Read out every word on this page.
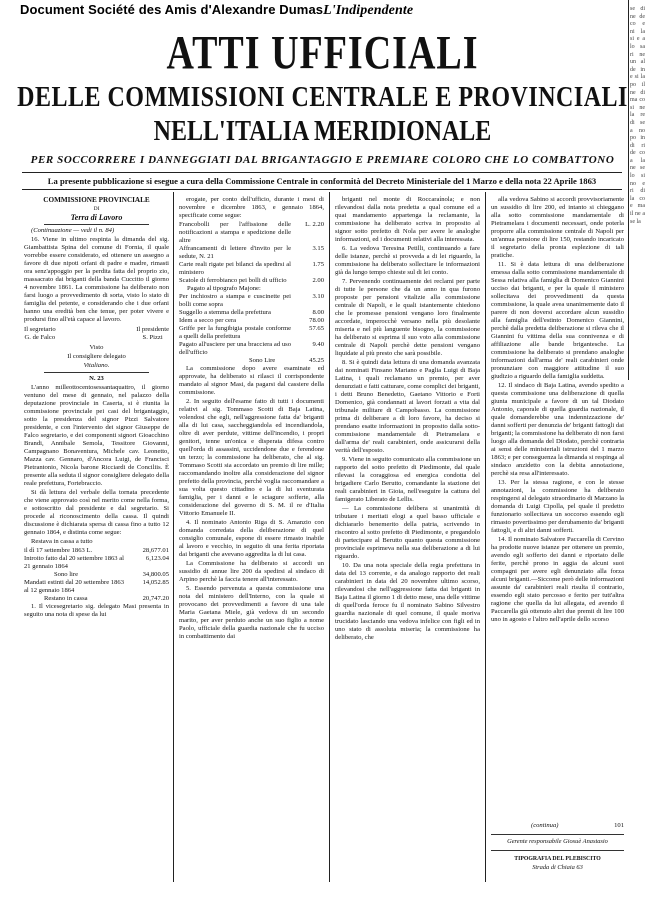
Document Société des Amis d'Alexandre DumasL'Indipendente	se di ne de co e ni la si e a lo sa ri ne un al de in e si la po il ne di ma co si ne la re di se a no po in di ri de co a la ne se lo si no e ri di la co e ma il ne a se la
ATTI UFFICIALI
DELLE COMMISSIONI CENTRALE E PROVINCIALI
NELL'ITALIA MERIDIONALE
PER SOCCORRERE I DANNEGGIATI DAL BRIGANTAGGIO E PREMIARE COLORO CHE LO COMBATTONO
La presente pubblicazione si esegue a cura della Commissione Centrale in conformità del Decreto Ministeriale del 1 Marzo e della nota 22 Aprile 1863

COMMISSIONE PROVINCIALE

DI

Terra di Lavoro

(Continuazione — vedi il n. 84)

16. Viene in ultimo respinta la dimanda del sig. Giambattista Spina del comune di Fornia, il quale vorrebbe essere considerato, ed ottenere un assegno a favore di due nipoti orfani di padre e madre, rimasti ora senz'appoggio per la perdita fatta del proprio zio, massacrato dai briganti della banda Cuccitto il giorno 4 novembre 1861. La commissione ha deliberato non farsi luogo a provvedimento di sorta, visto lo stato di famiglia del petente, e considerando che i due orfani hanno una eredità ben che tenue, per poter vivere e prodursi fino all'età capace al lavoro.

Il segretario
G. de Falco
Il presidente
S. Pizzi

Visto

Il consigliere delegato

Vitaliano.

N. 23

L'anno milleottocentosessantaquattro, il giorno ventuno del mese di gennaio, nel palazzo della deputazione provinciale in Caserta, si è riunita la commissione provinciale pei casi del brigantaggio, sotto la presidenza del signor Pizzi Salvatore presidente, e con l'intervento dei signor Giuseppe de Falco segretario, e dei componenti signori Gioacchino Brandi, Annibale Semola, Tessitore Giovanni, Campagnano Bonaventura, Michele cav. Leonetto, Mazza cav. Gennaro, d'Ancora Luigi, de Francisci Pietrantonio, Nicola barone Ricciardi de Conciliis. È presente alla seduta il signor consigliere delegato della reale prefettura, Fortebraccio.

Si dà lettura del verbale della tornata precedente che viene approvato così nel merito come nella forma, e sottoscritto dal presidente e dal segretario. Si procede al riconoscimento della cassa. Il quindi discussione è dichiarata spersa di cassa fino a tutto 12 gennaio 1864, e distinta come segue:

Restava in cassa a tutto

il dì 17 settembre 1863 L.	28,677.01
Introito fatto dal 20 settembre 1863 al 21 gennaio 1864
6,123.04
Sono lire	34,800.05
Mandati estinti dal 20 settembre 1863 al 12 gennaio 1864
14,052.85
Restano in cassa	20,747.20

1. Il vicesegretario sig. delegato Masi presenta in seguito una nota di spese da lui

erogate, per conto dell'ufficio, durante i mesi di novembre e dicembre 1863, e gennaio 1864, specificate come segue:

Francobolli per l'affissione delle notificazioni a stampa e spedizione delle altre
L. 2.20
Affrancamenti di lettere d'invito per le sedute, N. 21
3.15
Carte reali rigate pei bilanci da spedirsi al ministero
1.75
Scatole di ferrobianco pei bolli di ufficio	2.00
Pagato al tipografo Majone:
Per inchiostro a stampa e cuscinette pei bolli come sopra
3.10
Suggello a stemma della prefettura	8.00
Idem a secco per cera	78.00
Griffe per la fungibigia postale conforme a quelli della prefettura
57.65
Pagato all'usciere per una bracciera ad uso dell'ufficio
9.40
Sono Lire	45.25

La commissione dopo avere esaminate ed approvate, ha deliberato si rilasci il corrispondente mandato al signor Masi, da pagarsi dal cassiere della commissione.

2. In seguito dell'esame fatto di tutti i documenti relativi al sig. Tommaso Scotti di Baja Latina, volendosi che egli, nell'aggressione fatta da' briganti alla di lui casa, saccheggiandola ed incendiandola, oltre di aver perdute, vittime dell'incendio, i propri genitori, tenne un'onica e disperata difesa contro quell'orda di assassini, uccidendone due e ferendone un terzo; la commissione ha deliberato, che al sig. Tommaso Scotti sia accordato un premio di lire mille; raccomandando inoltre alla considerazione del signor prefetto della provincia, perchè voglia raccomandare a sua volta questo cittadino e la di lui sventurata famiglia, per i danni e le sciagure sofferte, alla considerazione del governo di S. M. il re d'Italia Vittorio Emanuele II.

4. Il nominato Antonio Riga di S. Amanzio con domanda corredata della deliberazione di quel consiglio comunale, espone di essere rimasto inabile al lavoro e vecchio, in seguito di una ferita riportata dai briganti che avevano aggredita la di lui casa.

La Commissione ha deliberato si accordi un sussidio di annue lire 200 da spedirsi al sindaco di Arpino perchè la faccia tenere all'interessato.

5. Essendo pervenuta a questa commissione una nota del ministero dell'Interno, con la quale si provocano dei provvedimenti a favore di una tale Maria Gaetana Miele, già vedova di un secondo marito, per aver perduto anche un suo figlio a nome Paolo, ufficiale della guardia nazionale che fu ucciso in combattimento dai

briganti nel monte di Roccaraínola; e non rilevandosi dalla nota predetta a qual comune ed a quai mandamento appartenga la reclamante, la commissione ha deliberato scriva in proposito al signor sotto prefetto di Nola per avere le analoghe informazioni, ed i documenti relativi alla interessata.

6. La vedova Teresina Petilli, continuando a fare delle istanze, perchè si provveda a di lei riguardo, la commissione ha deliberato sollecitare le informazioni già da lungo tempo chieste sul di lei conto.

7. Pervenendo continuamente dei reclami per parte di tutte le persone che da un anno in qua furono proposte per pensioni vitalizie alla commissione centrale di Napoli, e le quali istantemente chiedono che le promesse pensioni vengano loro finalmente accordate, imperocchè versano nella più desolante miseria e nel più languente bisogno, la commissione ha deliberato si esprima il suo voto alla commissione centrale di Napoli perchè dette pensioni vengano liquidate al più presto che sarà possibile.

8. Si è quindi data lettura di una domanda avanzata dai nominati Finsano Mariano e Paglia Luigi di Baja Latina, i quali reclamano un premio, per aver denunziati e fatti catturare, come complici dei briganti, i detti Bruno Benedetto, Gaetano Vittorio e Forti Domenico, già condannati ai lavori forzati a vita dal tribunale militare di Campobasso. La commissione prima di deliberare a di loro favore, ha deciso si prendano esatte informazioni in proposito dalla sotto-commissione mandamentale di Pietramelara e dall'arma de' reali carabinieri, onde assicurarsi della verità dell'esposto.

9. Viene in seguito comunicato alla commissione un rapporto del sotto prefetto di Piedimonte, dal quale rilevasi la coraggiosa ed energica condotta del brigadiere Carlo Berutto, comandante la stazione dei reali carabinieri in Gioia, nell'eseguire la cattura del famigerato Liberato de Lellis.

— La commissione delibera si unanimità di tributare i meritati elogi a quel basso ufficiale e dichiararlo benemerito della patria, scrivendo in riscontro al sotto prefetto di Piedimonte, e pregandolo di partecipare al Berutto quanto questa commissione provinciale esprimeva nella sua deliberazione a di lui riguardo.

10. Da una nota speciale della regia prefettura in data del 13 corrente, e da analogo rapporto dei reali carabinieri in data del 20 novembre ultimo scorso, rilevandosi che nell'aggressione fatta dai briganti in Baja Latina il giorno 1 di detto mese, una delle vittime di quell'orda feroce fu il nominato Sabino Silvestro guardia nazionale di quel comune, il quale moriva trucidato lasciando una vedova infelice con figli ed in uno stato di assoluta miseria; la commissione ha deliberato, che

alla vedova Sabino si accordi provvisoriamente un sussidio di lire 200, ed intanto si chieggano alla sotto commissione mandamentale di Pietramelara i documenti necessari, onde poterla proporre alla commissione centrale di Napoli per un'annua pensione di lire 150, restando incaricato il segretario della pronta esplezione di tali pratiche.

11. Si è data lettura di una deliberazione emessa dalla sotto commissione mandamentale di Sessa relativa alla famiglia di Domenico Giannini ucciso dai briganti, e per la quale il ministero sollecitava dei provvedimenti da questa commissione, la quale avea unanimemente dato il parere di non doversi accordare alcun sussidio alla famiglia dell'estinto Domenico Giannini, perchè dalla predetta deliberazione si rileva che il Giannini fu vittima della sua connivenza e di affiliazione alle bande brigantesche. La commissione ha deliberato si prendano analoghe informazioni dall'arma de' reali carabinieri onde pronunziare con maggiore attitudine il suo giudizio a riguardo della famiglia suddetta.

12. Il sindaco di Baja Latina, avendo spedito a questa commissione una deliberazione di quella giunta municipale a favore di un tal Diodato Antonio, caporale di quella guardia nazionale, il quale domanderebbe una indennizzazione de' danni sofferti per denunzia de' briganti fattogli dai briganti; la commissione ha deliberato di non farsi luogo alla domanda del Diodato, perchè contraria ai sensi delle ministeriali istruzioni del 1 marzo 1863; e per conseguenza la dimanda si respinga al sindaco anzidetto con la debita annotazione, perchè sia resa all'interessato.

13. Per la stessa ragione, e con le stesse annotazioni, la commissione ha deliberato respingersi al delegato straordinario di Marzano la domanda di Luigi Cipolla, pel quale il predetto funzionario sollecitava un soccorso essendo egli rimasto povertissimo per derubamento da' briganti fattogli, e di altri danni sofferti.

14. Il nominato Salvatore Paccarella di Cervino ha prodotte nuove istanze per ottenere un premio, avendo egli sofferto dei danni e riportato delle ferite, perchè prono in aggia da alcuni suoi compagni per avere egli denunziato alla forza alcuni briganti.—Siccome però delle informazioni assunte da' carabinieri reali risulta il contrario, essendo egli stato percosso e ferito per tutt'altra ragione che quella da lui allegata, ed avendo il Paccarella già ottenuto altri due premii di lire 100 uno in agosto e l'altro nell'aprile dello scorso

(continua)	101
Gerente responsabile Giosuè Anastasio
TIPOGRAFIA DEL PLEBISCITO
Strada di Chiaia 63
